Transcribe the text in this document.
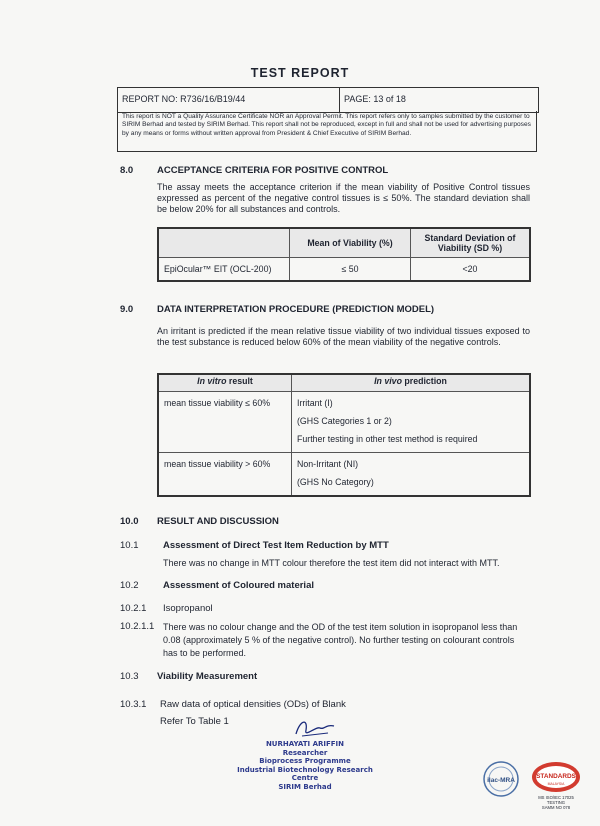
TEST REPORT
REPORT NO: R736/16/B19/44	PAGE: 13 of 18
This report is NOT a Quality Assurance Certificate NOR an Approval Permit. This report refers only to samples submitted by the customer to SIRIM Berhad and tested by SIRIM Berhad. This report shall not be reproduced, except in full and shall not be used for advertising purposes by any means or forms without written approval from President & Chief Executive of SIRIM Berhad.
8.0	ACCEPTANCE CRITERIA FOR POSITIVE CONTROL
The assay meets the acceptance criterion if the mean viability of Positive Control tissues expressed as percent of the negative control tissues is ≤ 50%. The standard deviation shall be below 20% for all substances and controls.
	Mean of Viability (%)	Standard Deviation of Viability (SD %)
EpiOcular™ EIT (OCL-200)	≤ 50	<20
9.0	DATA INTERPRETATION PROCEDURE (PREDICTION MODEL)
An irritant is predicted if the mean relative tissue viability of two individual tissues exposed to the test substance is reduced below 60% of the mean viability of the negative controls.
In vitro result	In vivo prediction

mean tissue viability ≤ 60%	Irritant (I)
(GHS Categories 1 or 2)
Further testing in other test method is required

mean tissue viability > 60%	Non-Irritant (NI)
(GHS No Category)
10.0 RESULT AND DISCUSSION
10.1	Assessment of Direct Test Item Reduction by MTT
There was no change in MTT colour therefore the test item did not interact with MTT.
10.2	Assessment of Coloured material
10.2.1 Isopropanol
10.2.1.1 There was no colour change and the OD of the test item solution in isopropanol less than 0.08 (approximately 5 % of the negative control). No further testing on colourant controls has to be performed.
10.3 Viability Measurement
10.3.1 Raw data of optical densities (ODs) of Blank
Refer To Table 1
NURHAYATI ARIFFIN
Researcher
Bioprocess Programme
Industrial Biotechnology Research Centre
SIRIM Berhad
ilac-MRA
STANDARDS
MALAYSIA
MS ISO/IEC 17025
TESTING
SAMM NO 078
